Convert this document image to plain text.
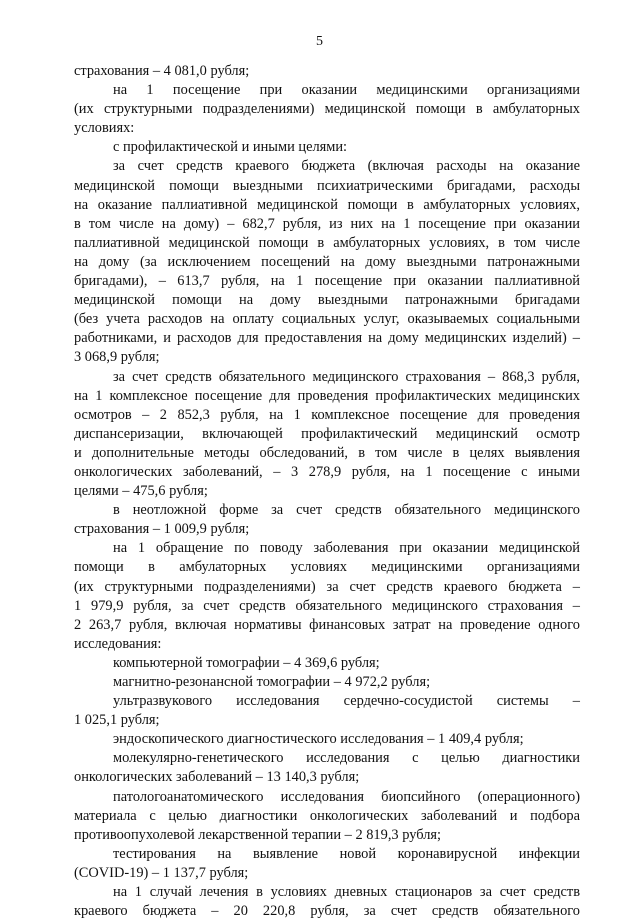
5
страхования – 4 081,0 рубля;
на 1 посещение при оказании медицинскими организациями
(их структурными подразделениями) медицинской помощи в амбулаторных
условиях:
с профилактической и иными целями:
за счет средств краевого бюджета (включая расходы на оказание
медицинской помощи выездными психиатрическими бригадами, расходы
на оказание паллиативной медицинской помощи в амбулаторных условиях,
в том числе на дому) – 682,7 рубля, из них на 1 посещение при оказании
паллиативной медицинской помощи в амбулаторных условиях, в том числе
на дому (за исключением посещений на дому выездными патронажными
бригадами), – 613,7 рубля, на 1 посещение при оказании паллиативной
медицинской помощи на дому выездными патронажными бригадами
(без учета расходов на оплату социальных услуг, оказываемых социальными
работниками, и расходов для предоставления на дому медицинских изделий) –
3 068,9 рубля;
за счет средств обязательного медицинского страхования – 868,3 рубля,
на 1 комплексное посещение для проведения профилактических медицинских
осмотров – 2 852,3 рубля, на 1 комплексное посещение для проведения
диспансеризации, включающей профилактический медицинский осмотр
и дополнительные методы обследований, в том числе в целях выявления
онкологических заболеваний, – 3 278,9 рубля, на 1 посещение с иными
целями – 475,6 рубля;
в неотложной форме за счет средств обязательного медицинского
страхования – 1 009,9 рубля;
на 1 обращение по поводу заболевания при оказании медицинской
помощи в амбулаторных условиях медицинскими организациями
(их структурными подразделениями) за счет средств краевого бюджета –
1 979,9 рубля, за счет средств обязательного медицинского страхования –
2 263,7 рубля, включая нормативы финансовых затрат на проведение одного
исследования:
компьютерной томографии – 4 369,6 рубля;
магнитно-резонансной томографии – 4 972,2 рубля;
ультразвукового исследования сердечно-сосудистой системы –
1 025,1 рубля;
эндоскопического диагностического исследования – 1 409,4 рубля;
молекулярно-генетического исследования с целью диагностики
онкологических заболеваний – 13 140,3 рубля;
патологоанатомического исследования биопсийного (операционного)
материала с целью диагностики онкологических заболеваний и подбора
противоопухолевой лекарственной терапии – 2 819,3 рубля;
тестирования на выявление новой коронавирусной инфекции
(COVID-19) – 1 137,7 рубля;
на 1 случай лечения в условиях дневных стационаров за счет средств
краевого бюджета – 20 220,8 рубля, за счет средств обязательного
